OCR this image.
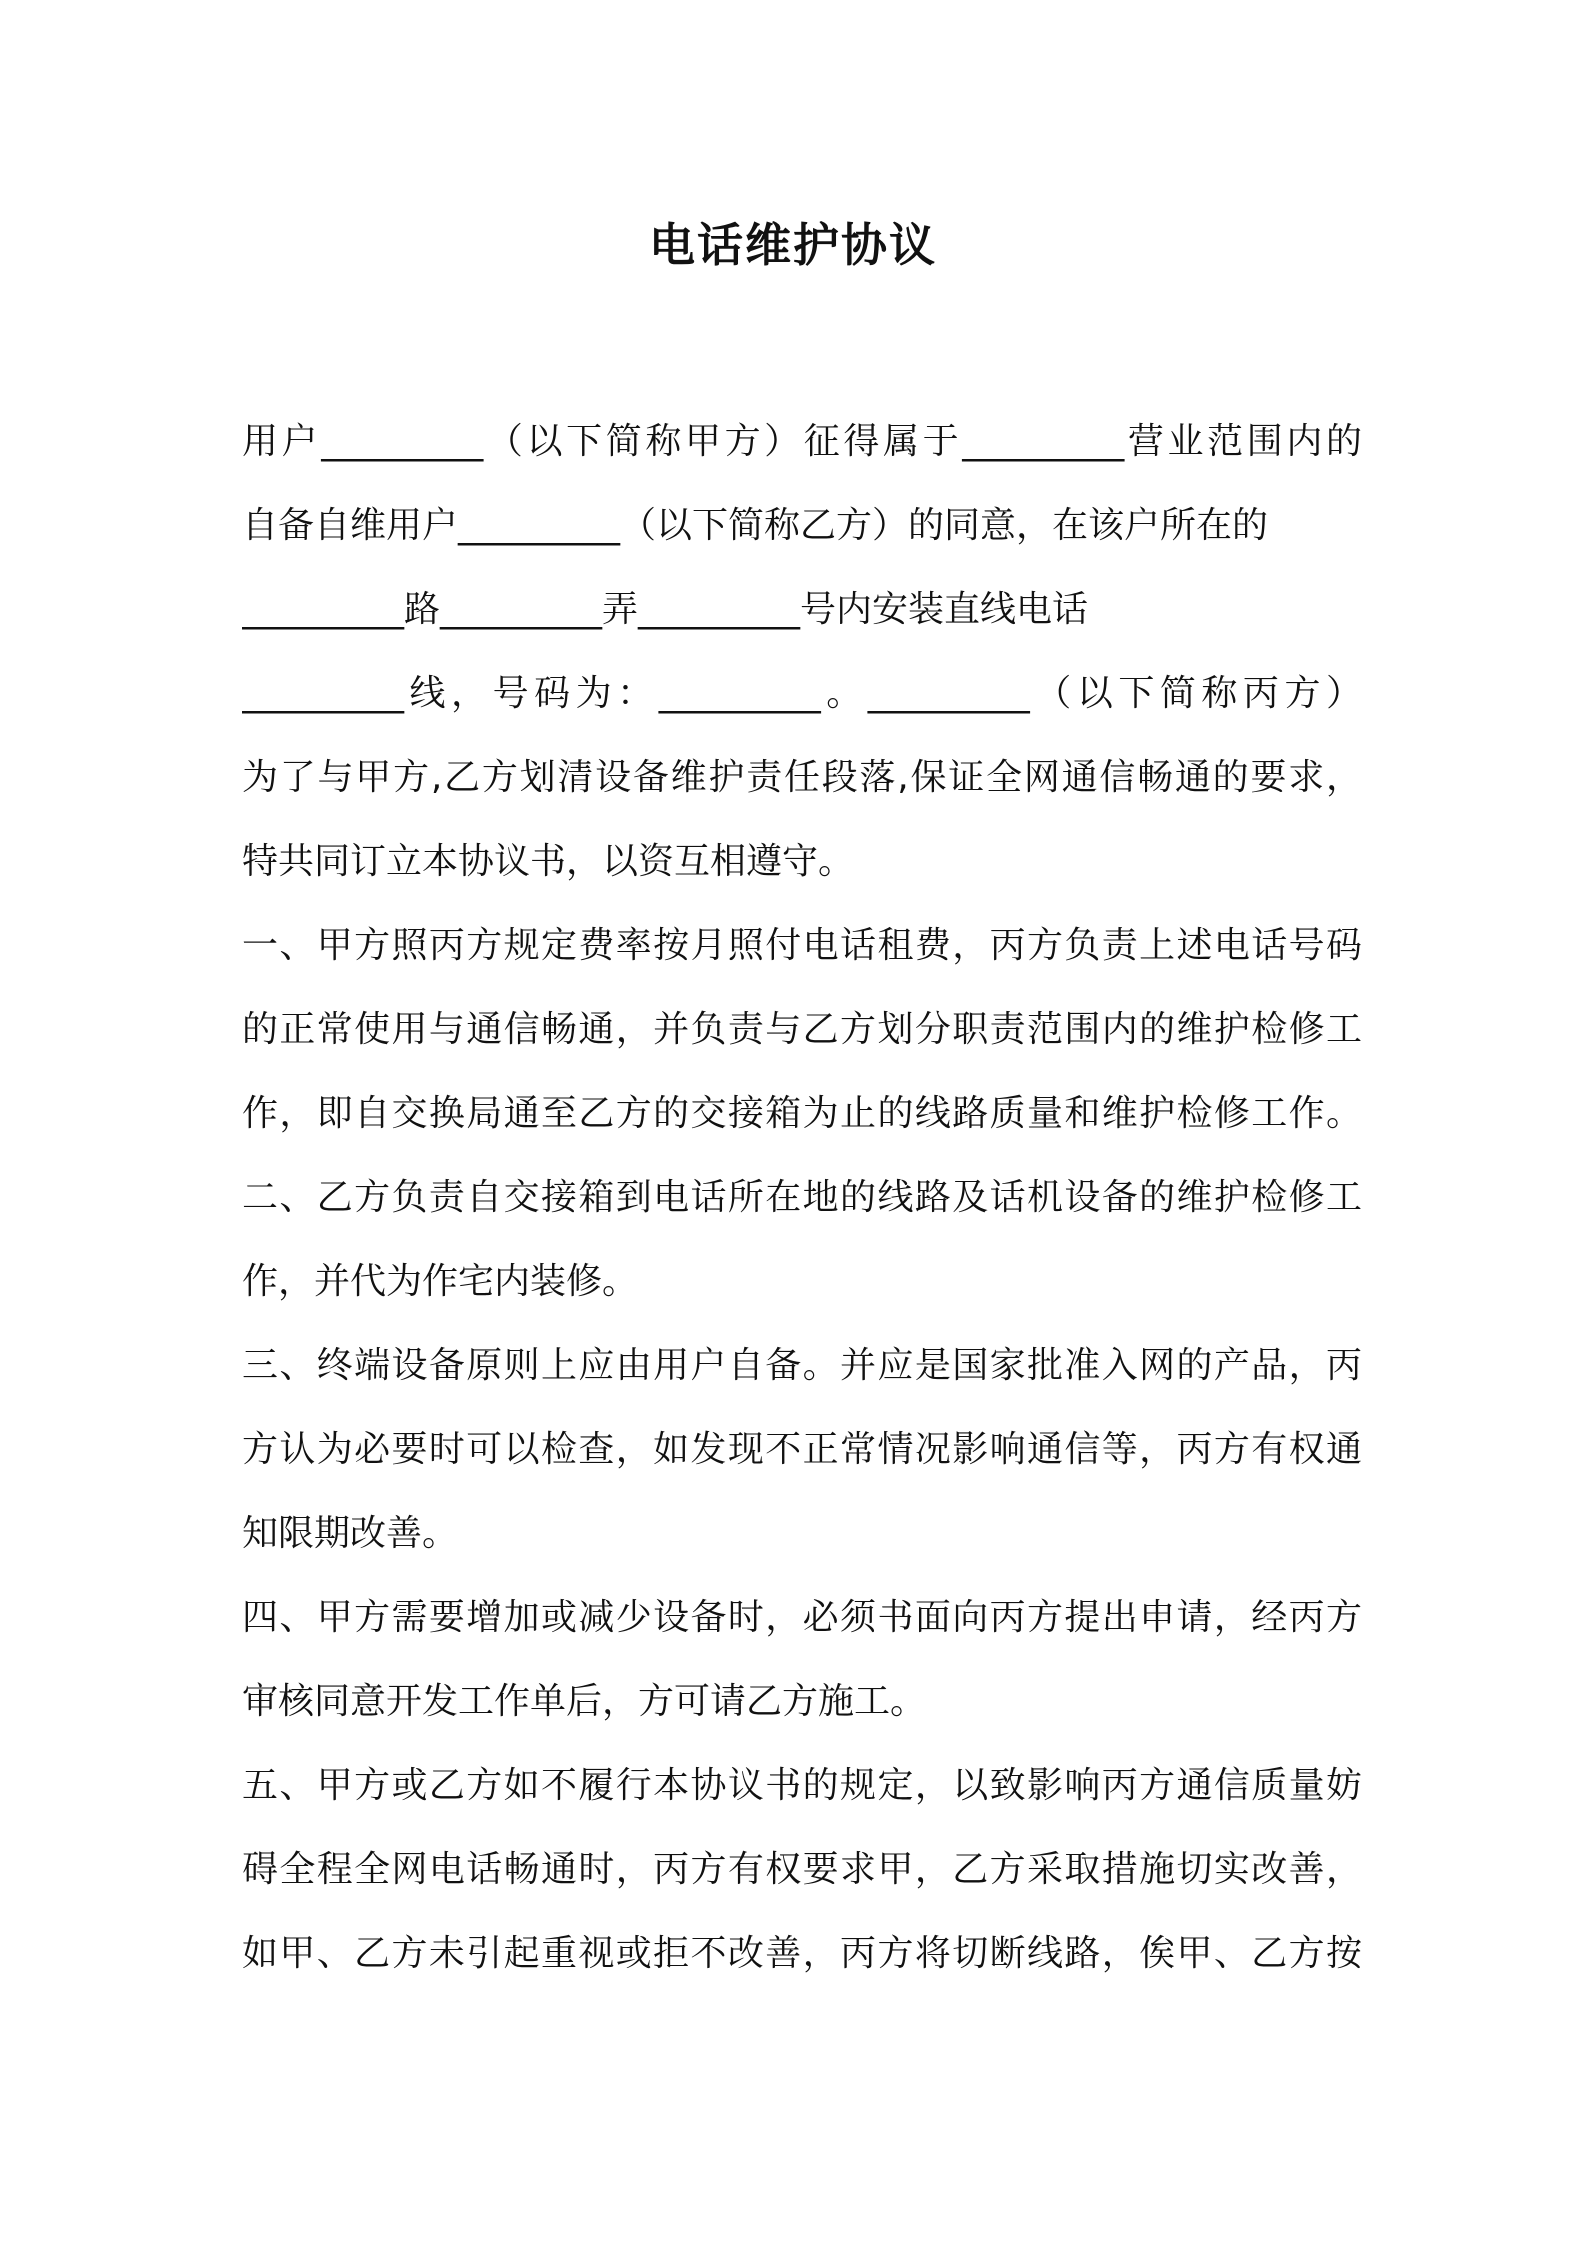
电话维护协议
用户_________（以下简称甲方）征得属于_________营业范围内的
自备自维用户_________（以下简称乙方）的同意，在该户所在的
_________路_________弄_________号内安装直线电话
_________线，号码为：_________。_________（以下简称丙方）
为了与甲方,乙方划清设备维护责任段落,保证全网通信畅通的要求，
特共同订立本协议书，以资互相遵守。
一、甲方照丙方规定费率按月照付电话租费，丙方负责上述电话号码
的正常使用与通信畅通，并负责与乙方划分职责范围内的维护检修工
作，即自交换局通至乙方的交接箱为止的线路质量和维护检修工作。
二、乙方负责自交接箱到电话所在地的线路及话机设备的维护检修工
作，并代为作宅内装修。
三、终端设备原则上应由用户自备。并应是国家批准入网的产品，丙
方认为必要时可以检查，如发现不正常情况影响通信等，丙方有权通
知限期改善。
四、甲方需要增加或减少设备时，必须书面向丙方提出申请，经丙方
审核同意开发工作单后，方可请乙方施工。
五、甲方或乙方如不履行本协议书的规定，以致影响丙方通信质量妨
碍全程全网电话畅通时，丙方有权要求甲，乙方采取措施切实改善，
如甲、乙方未引起重视或拒不改善，丙方将切断线路，俟甲、乙方按
